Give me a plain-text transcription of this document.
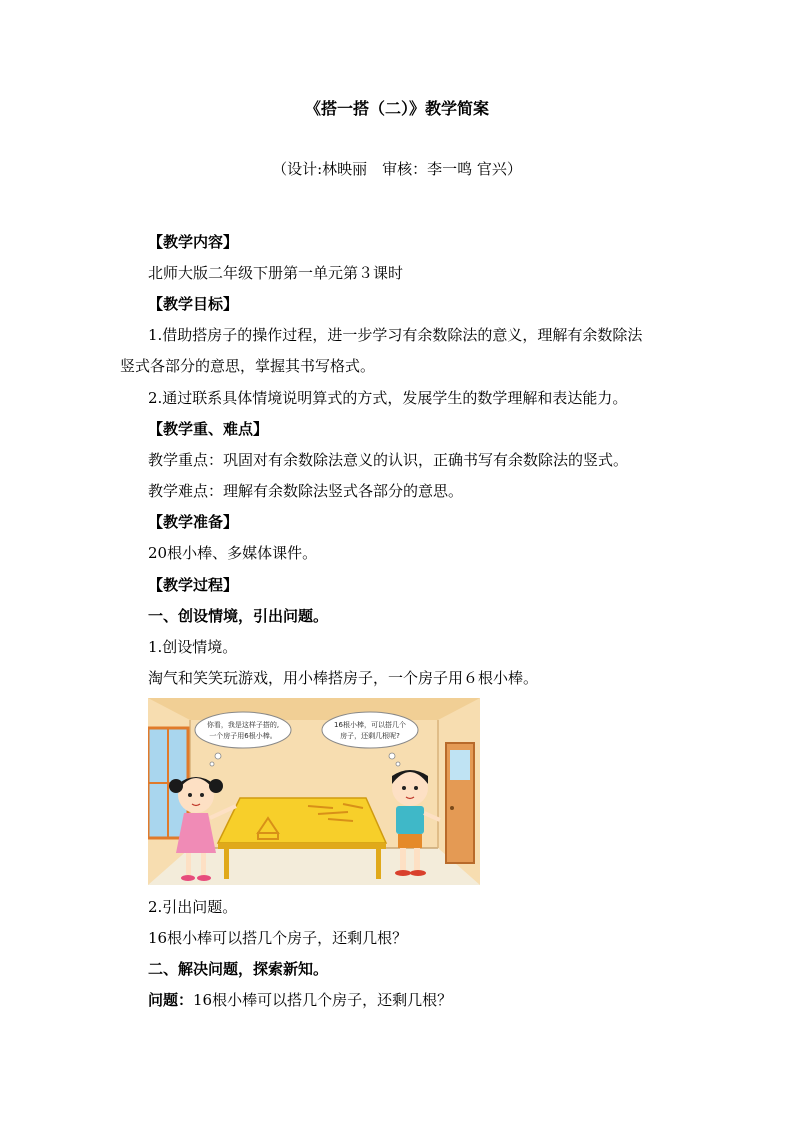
《搭一搭（二）》教学简案
（设计:林映丽　审核：李一鸣 官兴）
【教学内容】
北师大版二年级下册第一单元第３课时
【教学目标】
1.借助搭房子的操作过程，进一步学习有余数除法的意义，理解有余数除法
竖式各部分的意思，掌握其书写格式。
2.通过联系具体情境说明算式的方式，发展学生的数学理解和表达能力。
【教学重、难点】
教学重点：巩固对有余数除法意义的认识，正确书写有余数除法的竖式。
教学难点：理解有余数除法竖式各部分的意思。
【教学准备】
20根小棒、多媒体课件。
【教学过程】
一、创设情境，引出问题。
1.创设情境。
淘气和笑笑玩游戏，用小棒搭房子，一个房子用６根小棒。
你看，我是这样子搭的,
一个房子用6根小棒。
16根小棒，可以搭几个
房子，还剩几根呢?
2.引出问题。
16根小棒可以搭几个房子，还剩几根？
二、解决问题，探索新知。
问题：16根小棒可以搭几个房子，还剩几根？
